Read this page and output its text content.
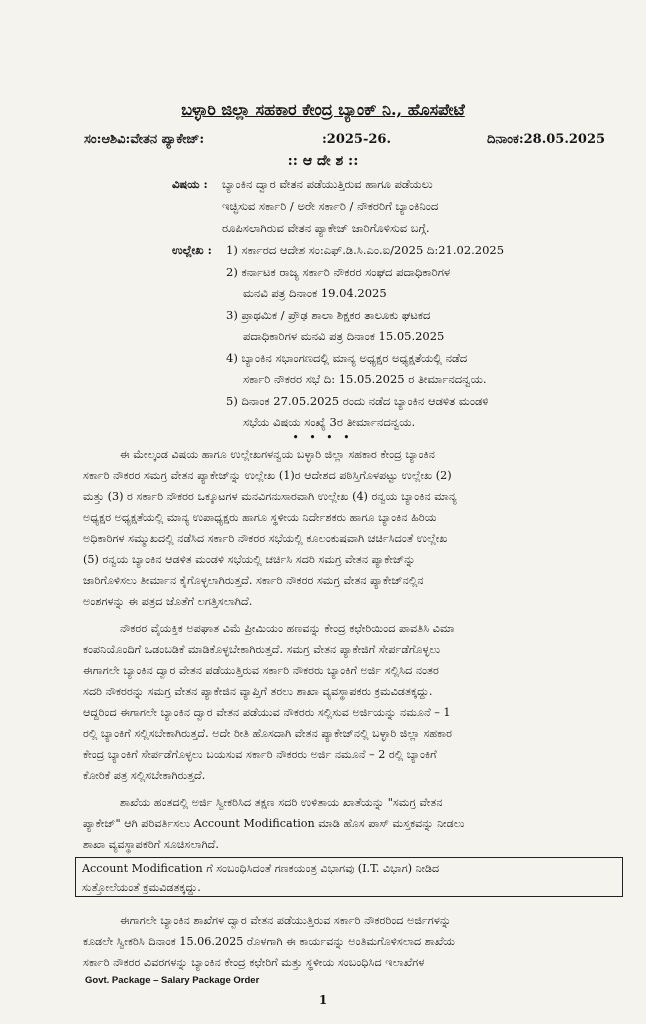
ಬಳ್ಳಾರಿ ಜಿಲ್ಲಾ ಸಹಕಾರ ಕೇಂದ್ರ ಬ್ಯಾಂಕ್ ನಿ., ಹೊಸಪೇಟೆ
ಸಂ:ಆಶಿವಿ:ವೇತನ ಪ್ಯಾಕೇಜ್:	:2025-26.	ದಿನಾಂಕ:28.05.2025
:: ಆ ದೇ ಶ ::
ವಿಷಯ : ಬ್ಯಾಂಕಿನ ದ್ವಾರ ವೇತನ ಪಡೆಯುತ್ತಿರುವ ಹಾಗೂ ಪಡೆಯಲು
ಇಚ್ಛಿಸುವ ಸರ್ಕಾರಿ / ಅರೇ ಸರ್ಕಾರಿ / ನೌಕರರಿಗೆ ಬ್ಯಾಂಕಿನಿಂದ
ರೂಪಿಸಲಾಗಿರುವ ವೇತನ ಪ್ಯಾಕೇಜ್ ಜಾರಿಗೊಳಿಸುವ ಬಗ್ಗೆ.
ಉಲ್ಲೇಖ : 1) ಸರ್ಕಾರದ ಆದೇಶ ಸಂ:ಎಫ್.ಡಿ.ಸಿ.ಎಂ.ಐ/2025 ದಿ:21.02.2025
2) ಕರ್ನಾಟಕ ರಾಜ್ಯ ಸರ್ಕಾರಿ ನೌಕರರ ಸಂಘದ ಪದಾಧಿಕಾರಿಗಳ
ಮನವಿ ಪತ್ರ ದಿನಾಂಕ 19.04.2025
3) ಪ್ರಾಥಮಿಕ / ಪ್ರೌಢ ಶಾಲಾ ಶಿಕ್ಷಕರ ತಾಲೂಕು ಘಟಕದ
ಪದಾಧಿಕಾರಿಗಳ ಮನವಿ ಪತ್ರ ದಿನಾಂಕ 15.05.2025
4) ಬ್ಯಾಂಕಿನ ಸಭಾಂಗಣದಲ್ಲಿ ಮಾನ್ಯ ಅಧ್ಯಕ್ಷರ ಅಧ್ಯಕ್ಷತೆಯಲ್ಲಿ ನಡೆದ
ಸರ್ಕಾರಿ ನೌಕರರ ಸಭೆ ದಿ: 15.05.2025 ರ ತೀರ್ಮಾನದನ್ವಯ.
5) ದಿನಾಂಕ 27.05.2025 ರಂದು ನಡೆದ ಬ್ಯಾಂಕಿನ ಆಡಳಿತ ಮಂಡಳಿ
ಸಭೆಯ ವಿಷಯ ಸಂಖ್ಯೆ 3ರ ತೀರ್ಮಾನದನ್ವಯ.
• • • •
ಈ ಮೇಲ್ಕಂಡ ವಿಷಯ ಹಾಗೂ ಉಲ್ಲೇಖಗಳನ್ವಯ ಬಳ್ಳಾರಿ ಜಿಲ್ಲಾ ಸಹಕಾರ ಕೇಂದ್ರ ಬ್ಯಾಂಕಿನ
ಸರ್ಕಾರಿ ನೌಕರರ ಸಮಗ್ರ ವೇತನ ಪ್ಯಾಕೇಜ್‌ನ್ನು ಉಲ್ಲೇಖ (1)ರ ಆದೇಶದ ಪಠಿಸ್ತಿಗೊಳಪಟ್ಟು ಉಲ್ಲೇಖ (2)
ಮತ್ತು (3) ರ ಸರ್ಕಾರಿ ನೌಕರರ ಒಕ್ಕೂಟಗಳ ಮನವಿಗನುಸಾರವಾಗಿ ಉಲ್ಲೇಖ (4) ರನ್ವಯ ಬ್ಯಾಂಕಿನ ಮಾನ್ಯ
ಅಧ್ಯಕ್ಷರ ಅಧ್ಯಕ್ಷತೆಯಲ್ಲಿ ಮಾನ್ಯ ಉಪಾಧ್ಯಕ್ಷರು ಹಾಗೂ ಸ್ಥಳೀಯ ನಿರ್ದೇಶಕರು ಹಾಗೂ ಬ್ಯಾಂಕಿನ ಹಿರಿಯ
ಅಧಿಕಾರಿಗಳ ಸಮ್ಮುಖದಲ್ಲಿ ನಡೆಸಿದ ಸರ್ಕಾರಿ ನೌಕರರ ಸಭೆಯಲ್ಲಿ ಕೂಲಂಕುಷವಾಗಿ ಚರ್ಚಿಸಿದಂತೆ ಉಲ್ಲೇಖ
(5) ರನ್ವಯ ಬ್ಯಾಂಕಿನ ಆಡಳಿತ ಮಂಡಳಿ ಸಭೆಯಲ್ಲಿ ಚರ್ಚಿಸಿ ಸದರಿ ಸಮಗ್ರ ವೇತನ ಪ್ಯಾಕೇಜ್‌ನ್ನು
ಜಾರಿಗೊಳಿಸಲು ತೀರ್ಮಾನ ಕೈಗೊಳ್ಳಲಾಗಿರುತ್ತದೆ. ಸರ್ಕಾರಿ ನೌಕರರ ಸಮಗ್ರ ವೇತನ ಪ್ಯಾಕೇಜ್‌ನಲ್ಲಿನ
ಅಂಶಗಳನ್ನು ಈ ಪತ್ರದ ಜೊತೆಗೆ ಲಗತ್ತಿಸಲಾಗಿದೆ.
ನೌಕರರ ವೈಯಕ್ತಿಕ ಅಪಘಾತ ವಿಮೆ ಪ್ರೀಮಿಯಂ ಹಣವನ್ನು ಕೇಂದ್ರ ಕಛೇರಿಯಿಂದ ಪಾವತಿಸಿ ವಿಮಾ
ಕಂಪನಿಯೊಂದಿಗೆ ಒಡಂಬಡಿಕೆ ಮಾಡಿಕೊಳ್ಳಬೇಕಾಗಿರುತ್ತದೆ. ಸಮಗ್ರ ವೇತನ ಪ್ಯಾಕೇಜಿಗೆ ಸೇರ್ಪಡೆಗೊಳ್ಳಲು
ಈಗಾಗಲೇ ಬ್ಯಾಂಕಿನ ದ್ವಾರ ವೇತನ ಪಡೆಯುತ್ತಿರುವ ಸರ್ಕಾರಿ ನೌಕರರು ಬ್ಯಾಂಕಿಗೆ ಅರ್ಜಿ ಸಲ್ಲಿಸಿದ ನಂತರ
ಸದರಿ ನೌಕರರನ್ನು ಸಮಗ್ರ ವೇತನ ಪ್ಯಾಕೇಜಿನ ವ್ಯಾಪ್ತಿಗೆ ತರಲು ಶಾಖಾ ವ್ಯವಸ್ಥಾಪಕರು ಕ್ರಮವಿಡತಕ್ಕದ್ದು.
ಆದ್ದರಿಂದ ಈಗಾಗಲೇ ಬ್ಯಾಂಕಿನ ದ್ವಾರ ವೇತನ ಪಡೆಯುವ ನೌಕರರು ಸಲ್ಲಿಸುವ ಅರ್ಜಿಯನ್ನು ನಮೂನೆ – 1
ರಲ್ಲಿ ಬ್ಯಾಂಕಿಗೆ ಸಲ್ಲಿಸಬೇಕಾಗಿರುತ್ತದೆ. ಅದೇ ರೀತಿ ಹೊಸದಾಗಿ ವೇತನ ಪ್ಯಾಕೇಜ್‌ನಲ್ಲಿ ಬಳ್ಳಾರಿ ಜಿಲ್ಲಾ ಸಹಕಾರ
ಕೇಂದ್ರ ಬ್ಯಾಂಕಿಗೆ ಸೇರ್ಪಡೆಗೊಳ್ಳಲು ಬಯಸುವ ಸರ್ಕಾರಿ ನೌಕರರು ಅರ್ಜಿ ನಮೂನೆ – 2 ರಲ್ಲಿ ಬ್ಯಾಂಕಿಗೆ
ಕೋರಿಕೆ ಪತ್ರ ಸಲ್ಲಿಸಬೇಕಾಗಿರುತ್ತದೆ.
ಶಾಖೆಯ ಹಂತದಲ್ಲಿ ಅರ್ಜಿ ಸ್ವೀಕರಿಸಿದ ತಕ್ಷಣ ಸದರಿ ಉಳಿತಾಯ ಖಾತೆಯನ್ನು "ಸಮಗ್ರ ವೇತನ
ಪ್ಯಾಕೇಜ್" ಆಗಿ ಪರಿವರ್ತಿಸಲು Account Modification ಮಾಡಿ ಹೊಸ ಪಾಸ್ ಮಸ್ತಕವನ್ನು ನೀಡಲು
ಶಾಖಾ ವ್ಯವಸ್ಥಾಪಕರಿಗೆ ಸೂಚಿಸಲಾಗಿದೆ.
Account Modification ಗೆ ಸಂಬಂಧಿಸಿದಂತೆ ಗಣಕಯಂತ್ರ ವಿಭಾಗವು (I.T. ವಿಭಾಗ) ನೀಡಿದ
ಸುತ್ತೋಲೆಯಂತೆ ಕ್ರಮವಿಡತಕ್ಕದ್ದು.
ಈಗಾಗಲೇ ಬ್ಯಾಂಕಿನ ಶಾಖೆಗಳ ದ್ವಾರ ವೇತನ ಪಡೆಯುತ್ತಿರುವ ಸರ್ಕಾರಿ ನೌಕರರಿಂದ ಅರ್ಜಿಗಳನ್ನು
ಕೂಡಲೇ ಸ್ವೀಕರಿಸಿ ದಿನಾಂಕ 15.06.2025 ರೊಳಗಾಗಿ ಈ ಕಾರ್ಯವನ್ನು ಅಂತಿಮಗೊಳಿಸಲಾದ ಶಾಖೆಯ
ಸರ್ಕಾರಿ ನೌಕರರ ವಿವರಗಳನ್ನು ಬ್ಯಾಂಕಿನ ಕೇಂದ್ರ ಕಛೇರಿಗೆ ಮತ್ತು ಸ್ಥಳೀಯ ಸಂಬಂಧಿಸಿದ ಇಲಾಖೆಗಳ
Govt. Package – Salary Package Order
1
